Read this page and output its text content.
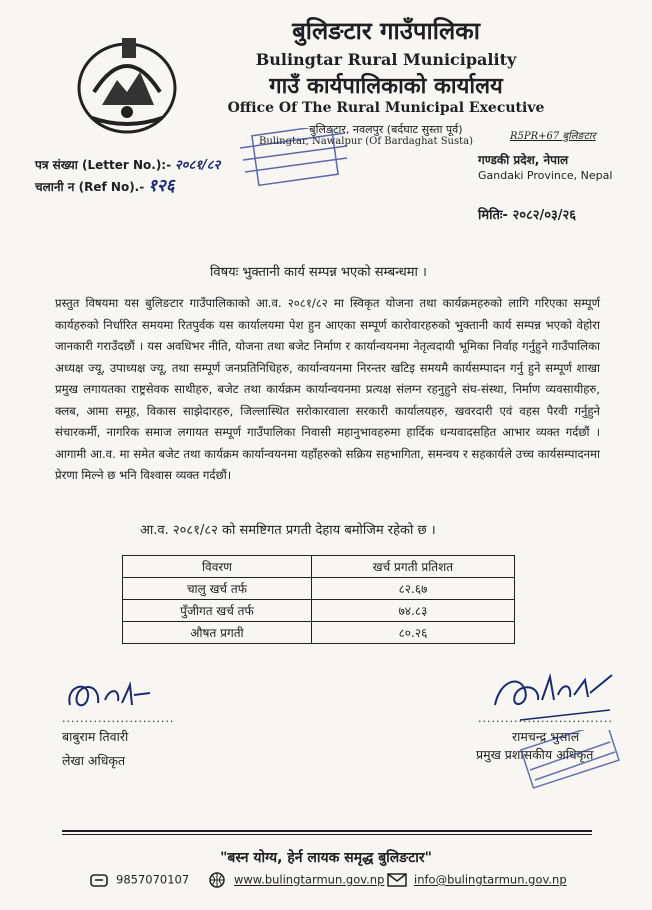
बुलिङटार गाउँपालिका
Bulingtar Rural Municipality
गाउँ कार्यपालिकाको कार्यालय
Office Of The Rural Municipal Executive
बुलिङटार, नवलपुर (बर्दघाट सुस्ता पूर्व)
Bulingtar, Nawalpur (Of Bardaghat Susta)	R5PR+67 बुलिङटार
पत्र संख्या (Letter No.):- २०८१/८२
चलानी न (Ref No).- १२६
गण्डकी प्रदेश, नेपाल
Gandaki Province, Nepal
मितिः- २०८२/०३/२६
विषयः भुक्तानी कार्य सम्पन्न भएको सम्बन्धमा ।
प्रस्तुत विषयमा यस बुलिङटार गाउँपालिकाको आ.व. २०८१/८२ मा स्विकृत योजना तथा कार्यक्रमहरुको लागि गरिएका सम्पूर्ण कार्यहरुको निर्धारित समयमा रितपुर्वक यस कार्यालयमा पेश हुन आएका सम्पूर्ण कारोवारहरुको भुक्तानी कार्य सम्पन्न भएको वेहोरा जानकारी गराउँदछौं । यस अवधिभर नीति, योजना तथा बजेट निर्माण र कार्यान्वयनमा नेतृत्वदायी भूमिका निर्वाह गर्नुहुने गाउँपालिका अध्यक्ष ज्यू, उपाध्यक्ष ज्यू, तथा सम्पूर्ण जनप्रतिनिधिहरु, कार्यान्वयनमा निरन्तर खटिइ समयमै कार्यसम्पादन गर्नु हुने सम्पूर्ण शाखा प्रमुख लगायतका राष्ट्रसेवक साथीहरु, बजेट तथा कार्यक्रम कार्यान्वयनमा प्रत्यक्ष संलग्न रहनुहुने संघ-संस्था, निर्माण व्यवसायीहरु, क्लब, आमा समूह, विकास साझेदारहरु, जिल्लास्थित सरोकारवाला सरकारी कार्यालयहरु, खवरदारी एवं वहस पैरवी गर्नुहुने संचारकर्मी, नागरिक समाज लगायत सम्पूर्ण गाउँपालिका निवासी महानुभावहरुमा हार्दिक धन्यवादसहित आभार व्यक्त गर्दछौं । आगामी आ.व. मा समेत बजेट तथा कार्यक्रम कार्यान्वयनमा यहाँहरुको सक्रिय सहभागिता, समन्वय र सहकार्यले उच्च कार्यसम्पादनमा प्रेरणा मिल्ने छ भनि विश्वास व्यक्त गर्दछौं।
आ.व. २०८१/८२ को समष्टिगत प्रगती देहाय बमोजिम रहेको छ ।
विवरण	खर्च प्रगती प्रतिशत
चालु खर्च तर्फ	८२.६७
पुँजीगत खर्च तर्फ	७४.८३
औषत प्रगती	८०.२६
.........................	..............................
बाबुराम तिवारी
लेखा अधिकृत
रामचन्द्र भुसाल
प्रमुख प्रशासकीय अधिकृत
"बस्न योग्य, हेर्न लायक समृद्ध बुलिङटार"
9857070107	www.bulingtarmun.gov.np	info@bulingtarmun.gov.np
